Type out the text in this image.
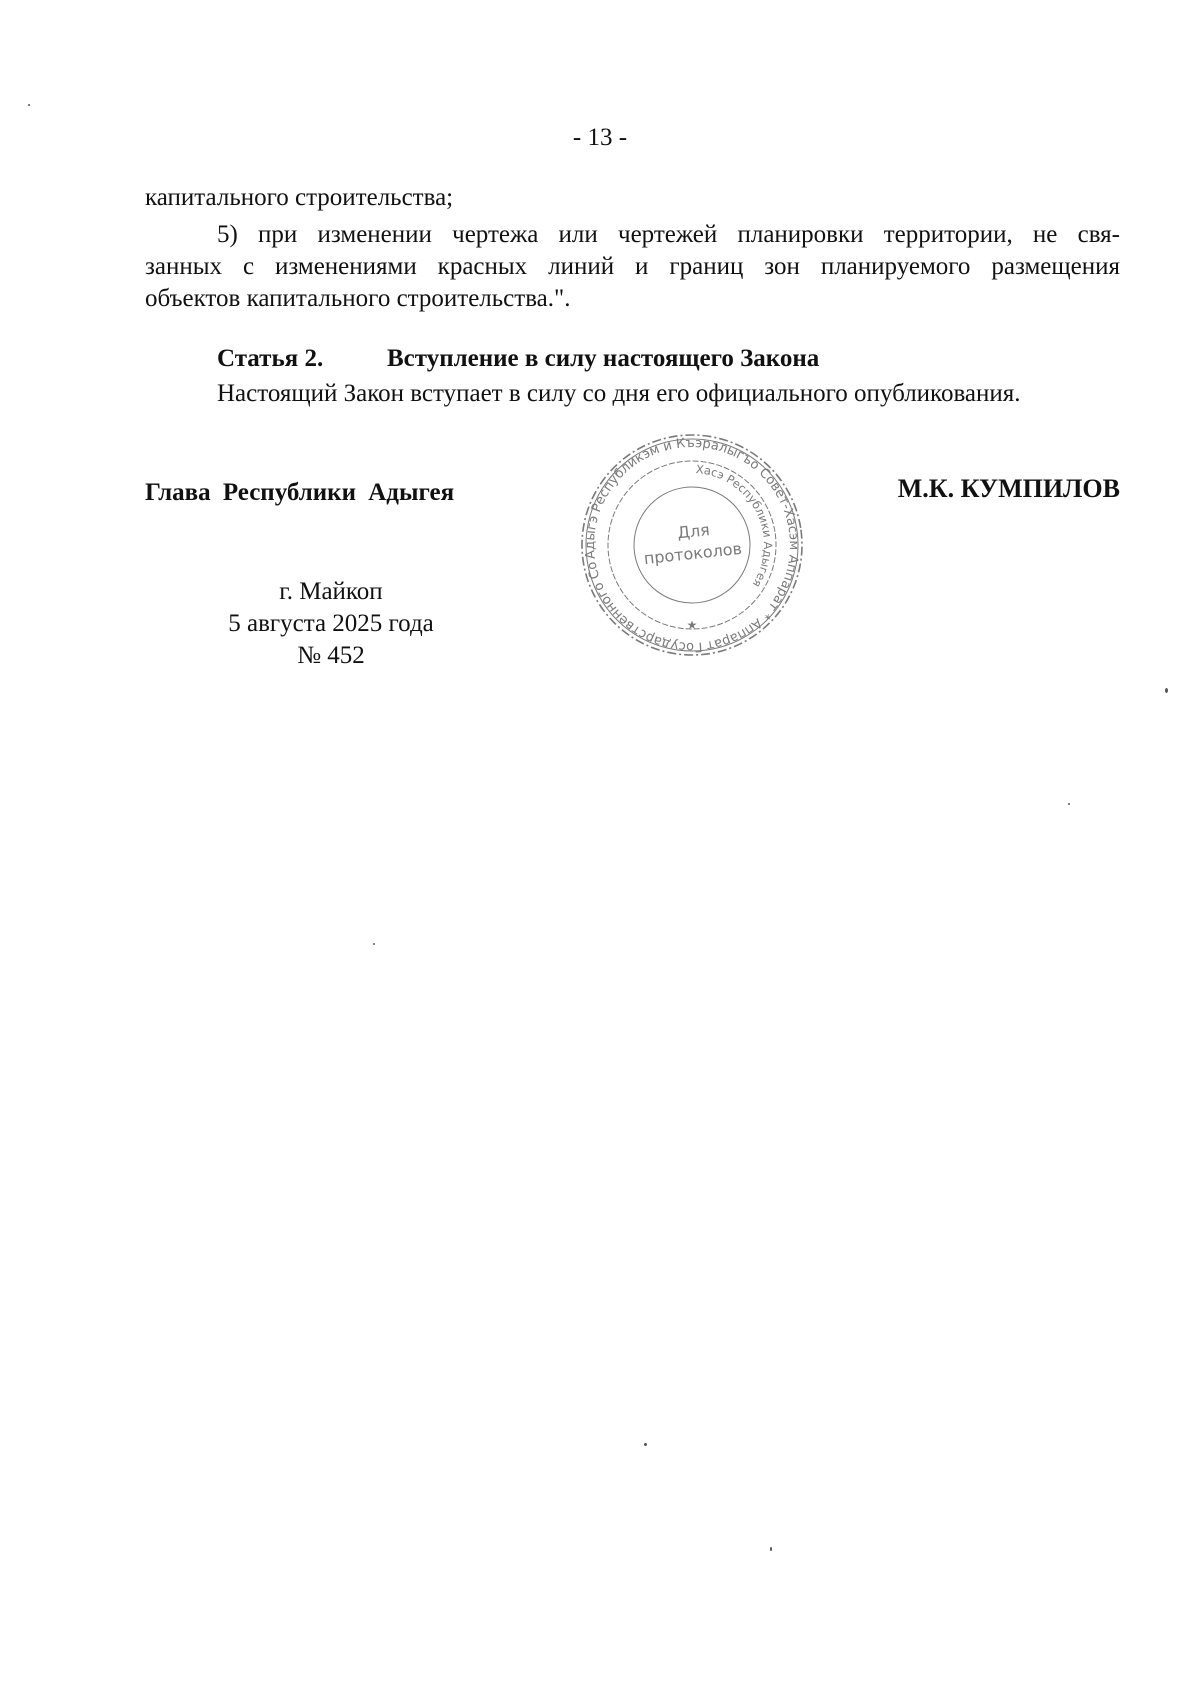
- 13 -
капитального строительства;
5) при изменении чертежа или чертежей планировки территории, не свя-
занных с изменениями красных линий и границ зон планируемого размещения
объектов капитального строительства.".
Статья 2.	Вступление в силу настоящего Закона
Настоящий Закон вступает в силу со дня его официального опубликования.
Глава Республики Адыгея	М.К. КУМПИЛОВ
г. Майкоп
5 августа 2025 года
№ 452
Адыгэ Республикэм и Къэралыгъо Совет-Хасэм Аппарат * Аппарат Государственного Совета-Хасэ
Хасэ Республики Адыгея
Для
протоколов
★
